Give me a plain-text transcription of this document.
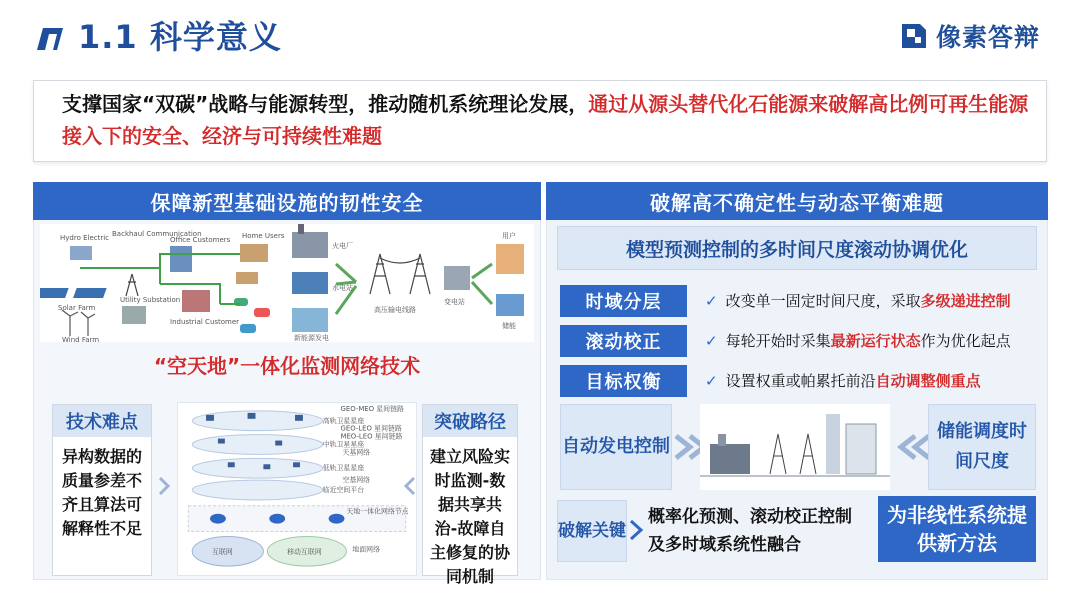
1.1 科学意义	像素答辩
支撑国家“双碳”战略与能源转型，推动随机系统理论发展，通过从源头替代化石能源来破解高比例可再生能源接入下的安全、经济与可持续性难题
保障新型基础设施的韧性安全
Hydro Electric Backhaul Communication
Office Customers Home Users
Solar Farm
Utility Substation
Industrial Customer
Wind Farm
火电厂
水电站
新能源发电
高压输电线路
变电站
用户
储能
“空天地”一体化监测网络技术
技术难点
异构数据的质量参差不齐且算法可解释性不足
高轨卫星星座
中轨卫星星座
低轨卫星星座
临近空间平台
天基网络
空基网络
地面网络
天地一体化网络节点
GEO-MEO 星间链路
GEO-LEO 星间链路
MEO-LEO 星间链路
互联网	移动互联网
突破路径
建立风险实时监测-数据共享共治-故障自主修复的协同机制
破解高不确定性与动态平衡难题
模型预测控制的多时间尺度滚动协调优化
时域分层	✓ 改变单一固定时间尺度，采取多级递进控制
滚动校正	✓ 每轮开始时采集最新运行状态作为优化起点
目标权衡	✓ 设置权重或帕累托前沿自动调整侧重点
自动发电控制
储能调度时间尺度
破解关键
概率化预测、滚动校正控制及多时域系统性融合
为非线性系统提供新方法
